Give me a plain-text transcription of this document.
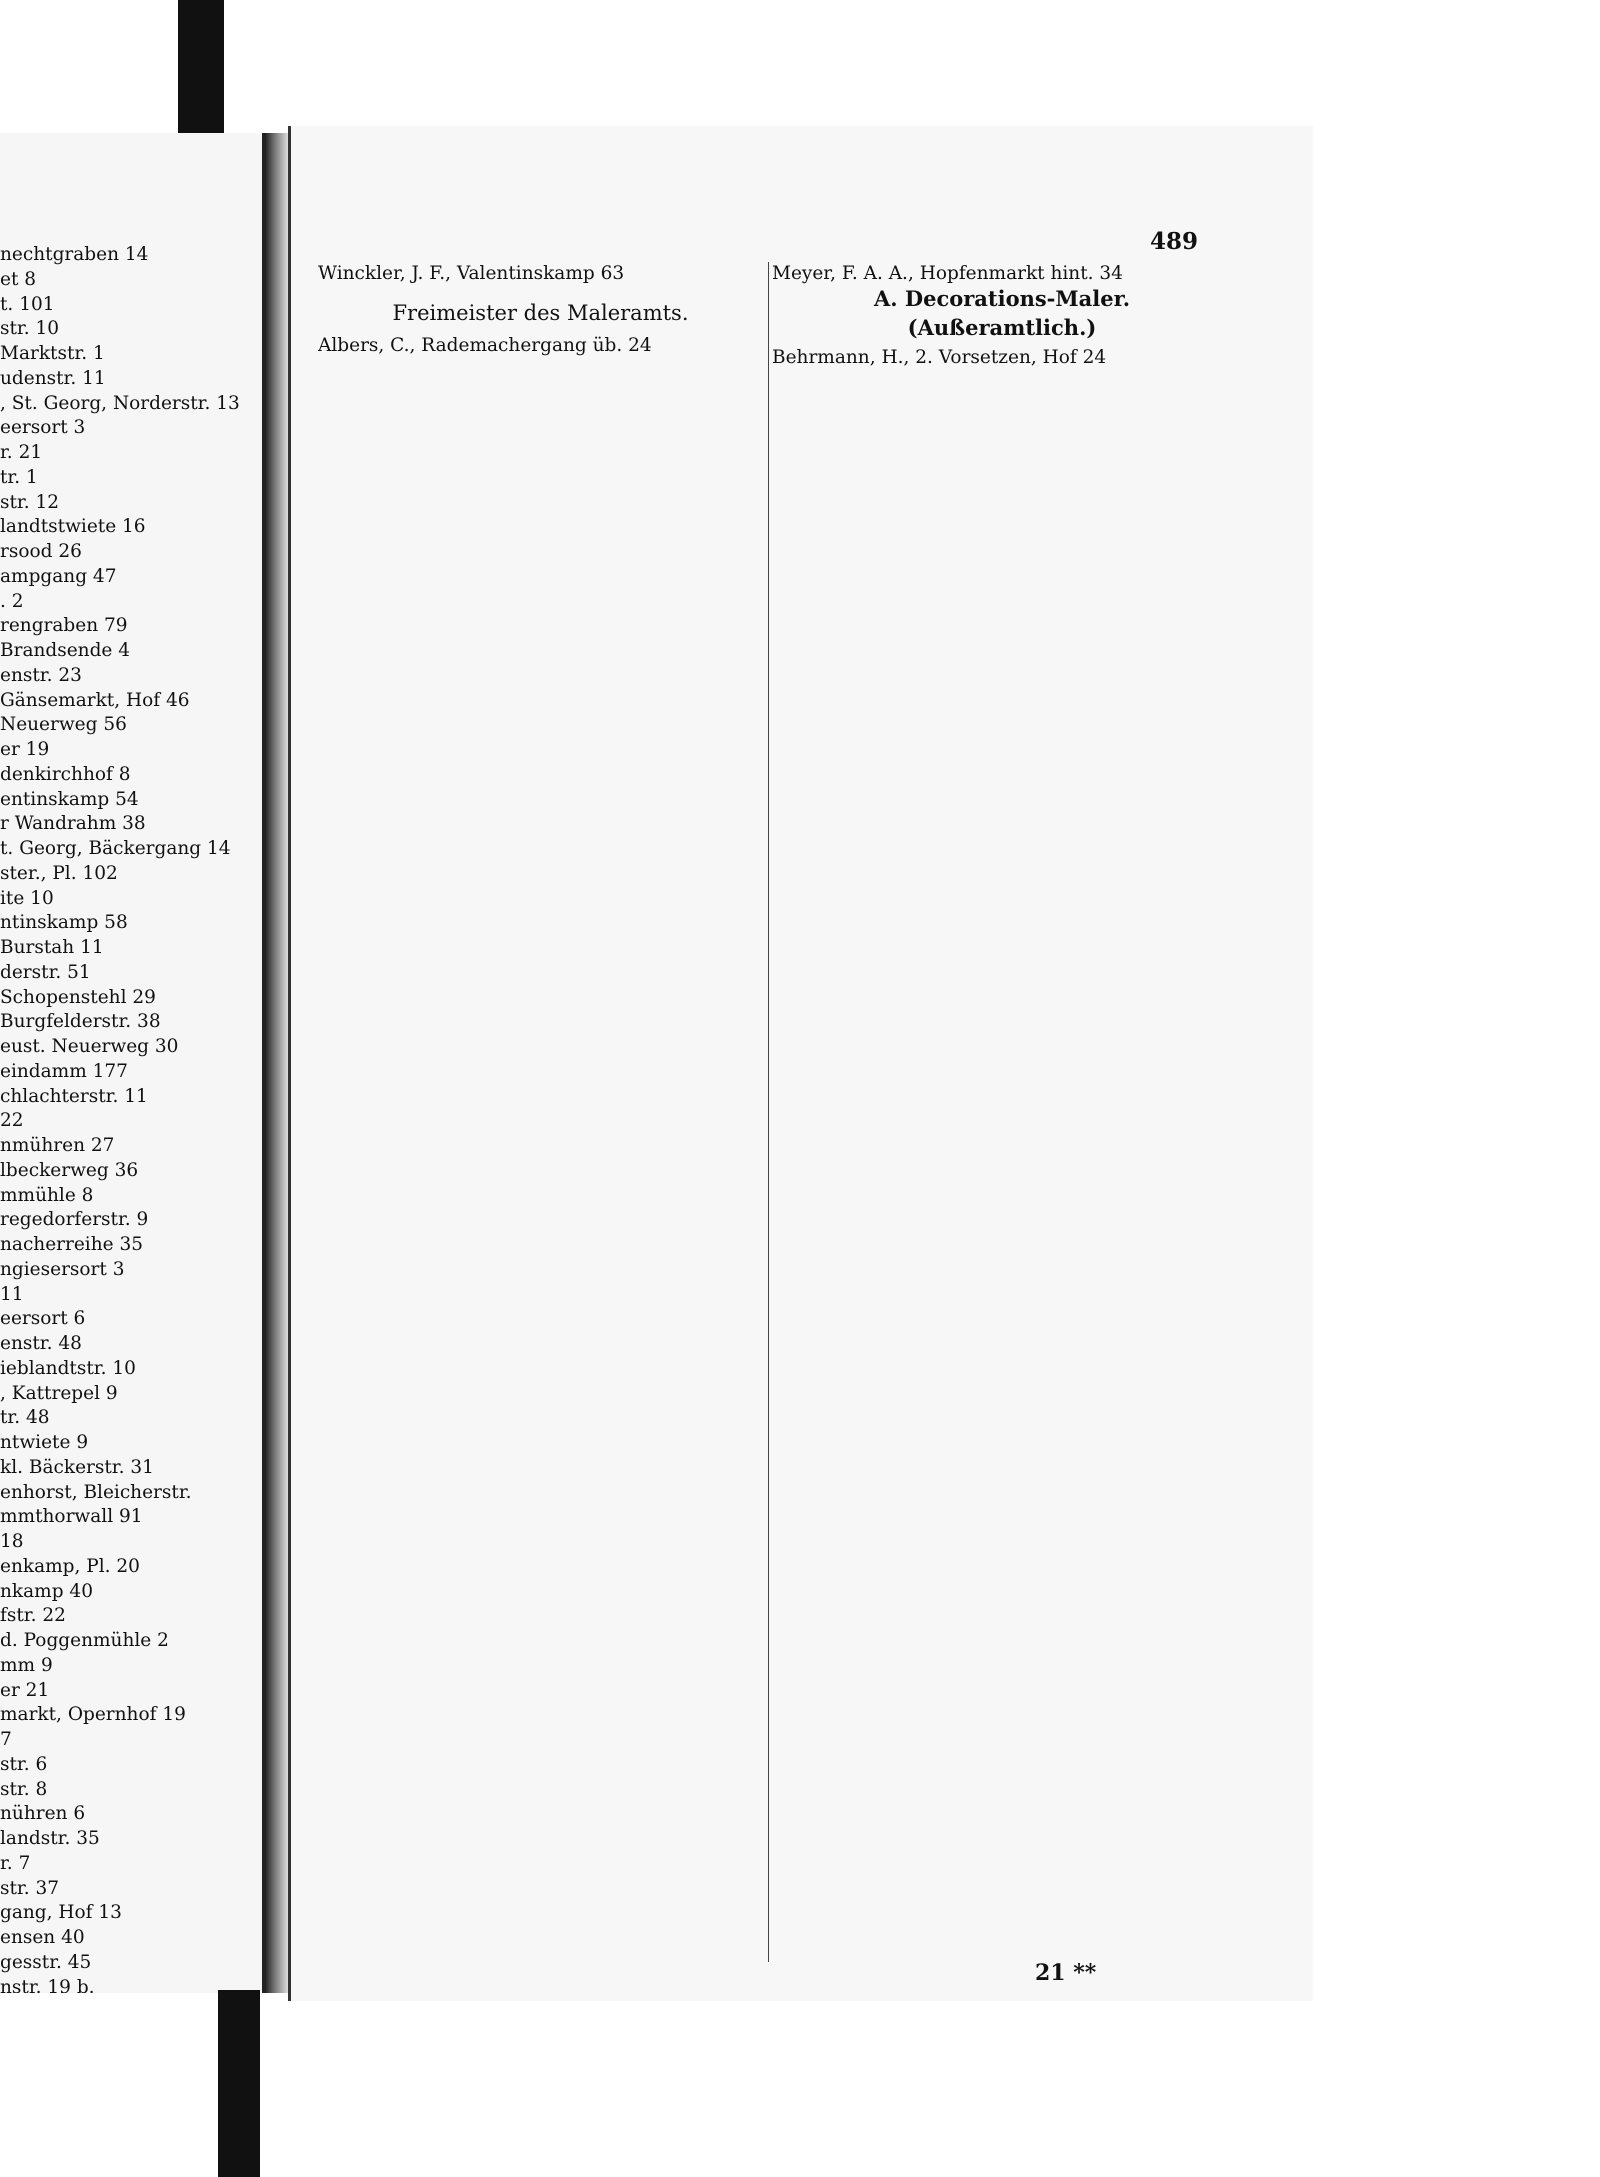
nechtgraben 14
et 8
t. 101
str. 10
Marktstr. 1
udenstr. 11
, St. Georg, Norderstr. 13
eersort 3
r. 21
tr. 1
str. 12
landtstwiete 16
rsood 26
ampgang 47
. 2
rengraben 79
Brandsende 4
enstr. 23
Gänsemarkt, Hof 46
Neuerweg 56
er 19
denkirchhof 8
entinskamp 54
r Wandrahm 38
t. Georg, Bäckergang 14
ster., Pl. 102
ite 10
ntinskamp 58
Burstah 11
derstr. 51
Schopenstehl 29
Burgfelderstr. 38
eust. Neuerweg 30
eindamm 177
chlachterstr. 11
22
nmühren 27
lbeckerweg 36
mmühle 8
regedorferstr. 9
nacherreihe 35
ngiesersort 3
11
eersort 6
enstr. 48
ieblandtstr. 10
, Kattrepel 9
tr. 48
ntwiete 9
kl. Bäckerstr. 31
enhorst, Bleicherstr.
mmthorwall 91
18
enkamp, Pl. 20
nkamp 40
fstr. 22
d. Poggenmühle 2
mm 9
er 21
markt, Opernhof 19
7
str. 6
str. 8
nühren 6
landstr. 35
r. 7
str. 37
gang, Hof 13
ensen 40
gesstr. 45
nstr. 19 b.
489
Winckler, J. F., Valentinskamp 63
Freimeister des Maleramts.
Albers, C., Rademachergang üb. 24
Meyer, F. A. A., Hopfenmarkt hint. 34
A. Decorations-Maler.
(Außeramtlich.)
Behrmann, H., 2. Vorsetzen, Hof 24
21 **
